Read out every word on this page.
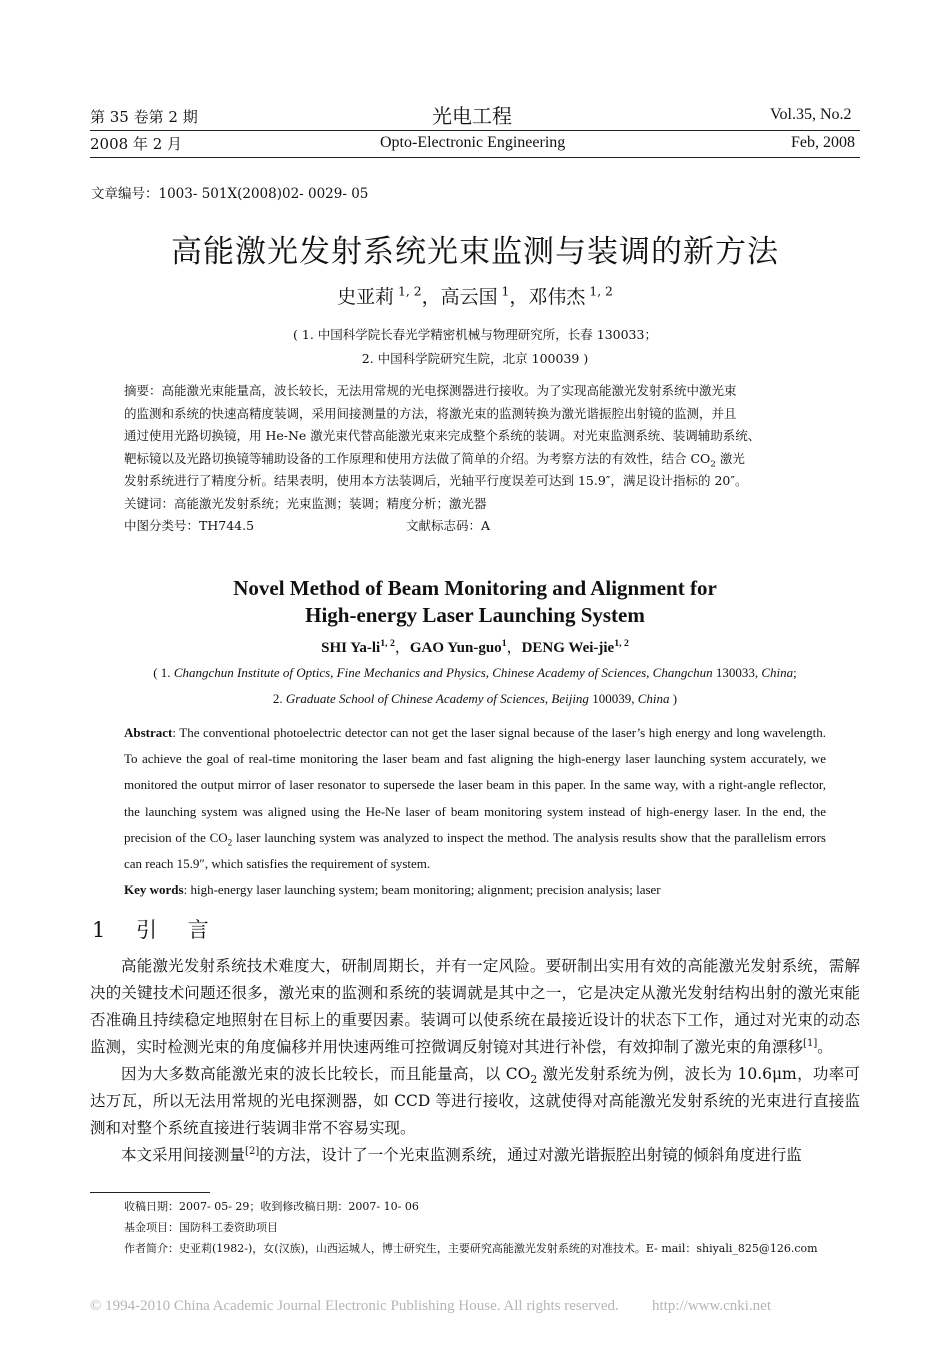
第 35 卷第 2 期	光电工程	Vol.35, No.2
2008 年 2 月	Opto-Electronic Engineering	Feb, 2008
文章编号：1003- 501X(2008)02- 0029- 05
高能激光发射系统光束监测与装调的新方法
史亚莉 $^{1, 2}$，高云国 $^1$，邓伟杰 $^{1, 2}$
( 1. 中国科学院长春光学精密机械与物理研究所，长春 130033；
2. 中国科学院研究生院，北京 100039 )
摘要：高能激光束能量高，波长较长，无法用常规的光电探测器进行接收。为了实现高能激光发射系统中激光束
的监测和系统的快速高精度装调，采用间接测量的方法，将激光束的监测转换为激光谐振腔出射镜的监测，并且
通过使用光路切换镜，用 He-Ne 激光束代替高能激光束来完成整个系统的装调。对光束监测系统、装调辅助系统、
靶标镜以及光路切换镜等辅助设备的工作原理和使用方法做了简单的介绍。为考察方法的有效性，结合 $CO_2$ 激光
发射系统进行了精度分析。结果表明，使用本方法装调后，光轴平行度误差可达到 15.9″，满足设计指标的 20″。
关键词：高能激光发射系统；光束监测；装调；精度分析；激光器
中图分类号：TH744.5	文献标志码：A
Novel Method of Beam Monitoring and Alignment for
High-energy Laser Launching System
SHI Ya-li$^{1, 2}$，GAO Yun-guo$^1$，DENG Wei-jie$^{1, 2}$
( 1. Changchun Institute of Optics, Fine Mechanics and Physics, Chinese Academy of Sciences, Changchun 130033, China;
2. Graduate School of Chinese Academy of Sciences, Beijing 100039, China )

Abstract: The conventional photoelectric detector can not get the laser signal because of the laser’s high energy and long wavelength. To achieve the goal of real-time monitoring the laser beam and fast aligning the high-energy laser launching system accurately, we monitored the output mirror of laser resonator to supersede the laser beam in this paper. In the same way, with a right-angle reflector, the launching system was aligned using the He-Ne laser of beam monitoring system instead of high-energy laser. In the end, the precision of the $CO_2$ laser launching system was analyzed to inspect the method. The analysis results show that the parallelism errors can reach 15.9″, which satisfies the requirement of system.

Key words: high-energy laser launching system; beam monitoring; alignment; precision analysis; laser

1 引 言

高能激光发射系统技术难度大，研制周期长，并有一定风险。要研制出实用有效的高能激光发射系统，需解决的关键技术问题还很多，激光束的监测和系统的装调就是其中之一，它是决定从激光发射结构出射的激光束能否准确且持续稳定地照射在目标上的重要因素。装调可以使系统在最接近设计的状态下工作，通过对光束的动态监测，实时检测光束的角度偏移并用快速两维可控微调反射镜对其进行补偿，有效抑制了激光束的角漂移[1]。

因为大多数高能激光束的波长比较长，而且能量高，以 $CO_2$ 激光发射系统为例，波长为 10.6μm，功率可达万瓦，所以无法用常规的光电探测器，如 CCD 等进行接收，这就使得对高能激光发射系统的光束进行直接监测和对整个系统直接进行装调非常不容易实现。

本文采用间接测量[2]的方法，设计了一个光束监测系统，通过对激光谐振腔出射镜的倾斜角度进行监

收稿日期：2007- 05- 29；收到修改稿日期：2007- 10- 06
基金项目：国防科工委资助项目
作者简介：史亚莉(1982-)，女(汉族)，山西运城人，博士研究生，主要研究高能激光发射系统的对准技术。E- mail：shiyali_825@126.com
© 1994-2010 China Academic Journal Electronic Publishing House. All rights reserved. http://www.cnki.net
